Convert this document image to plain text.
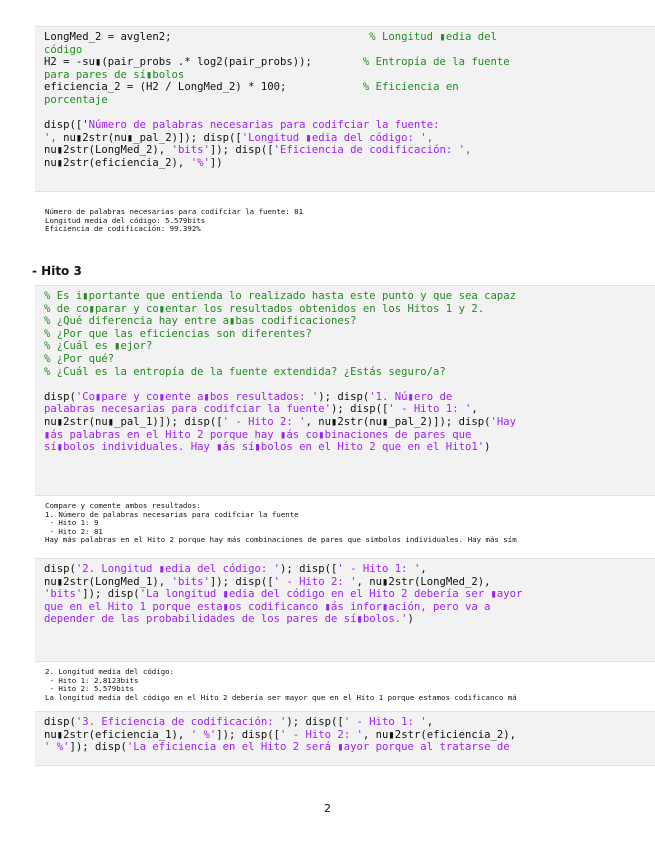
LongMed_2 = avglen2;                               % Longitud ▮edia del
código
H2 = -su▮(pair_probs .* log2(pair_probs));        % Entropía de la fuente
para pares de sí▮bolos
eficiencia_2 = (H2 / LongMed_2) * 100;            % Eficiencia en
porcentaje
disp(['Número de palabras necesarias para codifciar la fuente:
', nu▮2str(nu▮_pal_2)]); disp(['Longitud ▮edia del código: ',
nu▮2str(LongMed_2), 'bits']); disp(['Eficiencia de codificación: ',
nu▮2str(eficiencia_2), '%'])
Número de palabras necesarias para codifciar la fuente: 81
Longitud media del código: 5.579bits
Eficiencia de codificación: 99.392%
- Hito 3
% Es i▮portante que entienda lo realizado hasta este punto y que sea capaz
% de co▮parar y co▮entar los resultados obtenidos en los Hitos 1 y 2.
% ¿Qué diferencia hay entre a▮bas codificaciones?
% ¿Por que las eficiencias son diferentes?
% ¿Cuál es ▮ejor?
% ¿Por qué?
% ¿Cuál es la entropía de la fuente extendida? ¿Estás seguro/a?
disp('Co▮pare y co▮ente a▮bos resultados: '); disp('1. Nú▮ero de
palabras necesarias para codifciar la fuente'); disp([' - Hito 1: ',
nu▮2str(nu▮_pal_1)]); disp([' - Hito 2: ', nu▮2str(nu▮_pal_2)]); disp('Hay
▮ás palabras en el Hito 2 porque hay ▮ás co▮binaciones de pares que
sí▮bolos individuales. Hay ▮ás sí▮bolos en el Hito 2 que en el Hito1')
Compare y comente ambos resultados:
1. Número de palabras necesarias para codifciar la fuente
- Hito 1: 9
- Hito 2: 81
Hay más palabras en el Hito 2 porque hay más combinaciones de pares que símbolos individuales. Hay más sím
disp('2. Longitud ▮edia del código: '); disp([' - Hito 1: ',
nu▮2str(LongMed_1), 'bits']); disp([' - Hito 2: ', nu▮2str(LongMed_2),
'bits']); disp('La longitud ▮edia del código en el Hito 2 debería ser ▮ayor
que en el Hito 1 porque esta▮os codificanco ▮ás infor▮ación, pero va a
depender de las probabilidades de los pares de sí▮bolos.')
2. Longitud media del código:
- Hito 1: 2.8123bits
- Hito 2: 5.579bits
La longitud media del código en el Hito 2 debería ser mayor que en el Hito 1 porque estamos codificanco má
disp('3. Eficiencia de codificación: '); disp([' - Hito 1: ',
nu▮2str(eficiencia_1), ' %']); disp([' - Hito 2: ', nu▮2str(eficiencia_2),
' %']); disp('La eficiencia en el Hito 2 será ▮ayor porque al tratarse de
2
